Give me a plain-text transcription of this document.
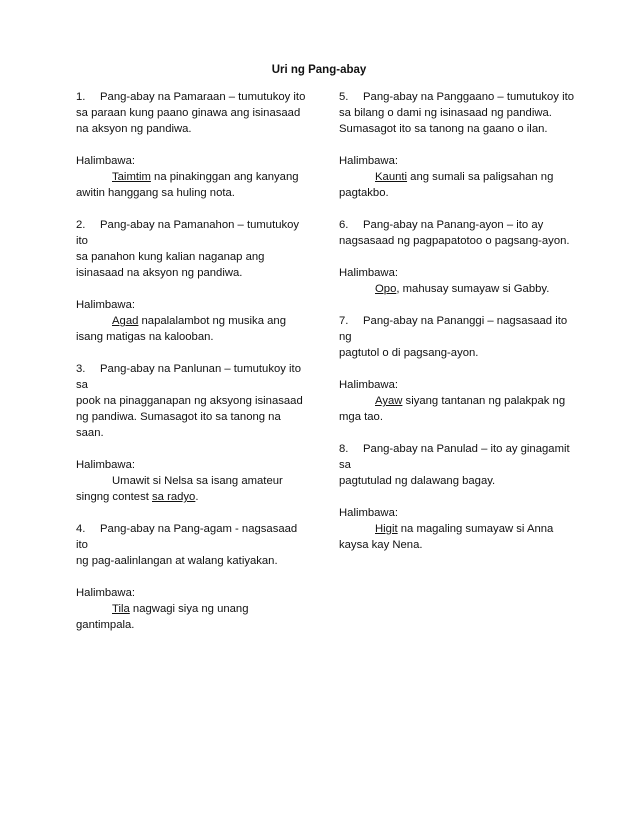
Uri ng Pang-abay
1. Pang-abay na Pamaraan – tumutukoy ito
sa paraan kung paano ginawa ang isinasaad na aksyon ng pandiwa.
Halimbawa:
Taimtim na pinakinggan ang kanyang awitin hanggang sa huling nota.
2. Pang-abay na Pamanahon – tumutukoy ito
sa panahon kung kalian naganap ang isinasaad na aksyon ng pandiwa.
Halimbawa:
Agad napalalambot ng musika ang isang matigas na kalooban.
3. Pang-abay na Panlunan – tumutukoy ito sa
pook na pinagganapan ng aksyong isinasaad ng pandiwa. Sumasagot ito sa tanong na saan.
Halimbawa:
Umawit si Nelsa sa isang amateur singng contest sa radyo.
4. Pang-abay na Pang-agam - nagsasaad ito
ng pag-aalinlangan at walang katiyakan.
Halimbawa:
Tila nagwagi siya ng unang gantimpala.
5. Pang-abay na Panggaano – tumutukoy ito
sa bilang o dami ng isinasaad ng pandiwa. Sumasagot ito sa tanong na gaano o ilan.
Halimbawa:
Kaunti ang sumali sa paligsahan ng pagtakbo.
6. Pang-abay na Panang-ayon – ito ay
nagsasaad ng pagpapatotoo o pagsang-ayon.
Halimbawa:
Opo, mahusay sumayaw si Gabby.
7. Pang-abay na Pananggi – nagsasaad ito ng
pagtutol o di pagsang-ayon.
Halimbawa:
Ayaw siyang tantanan ng palakpak ng mga tao.
8. Pang-abay na Panulad – ito ay ginagamit sa
pagtutulad ng dalawang bagay.
Halimbawa:
Higit na magaling sumayaw si Anna kaysa kay Nena.
